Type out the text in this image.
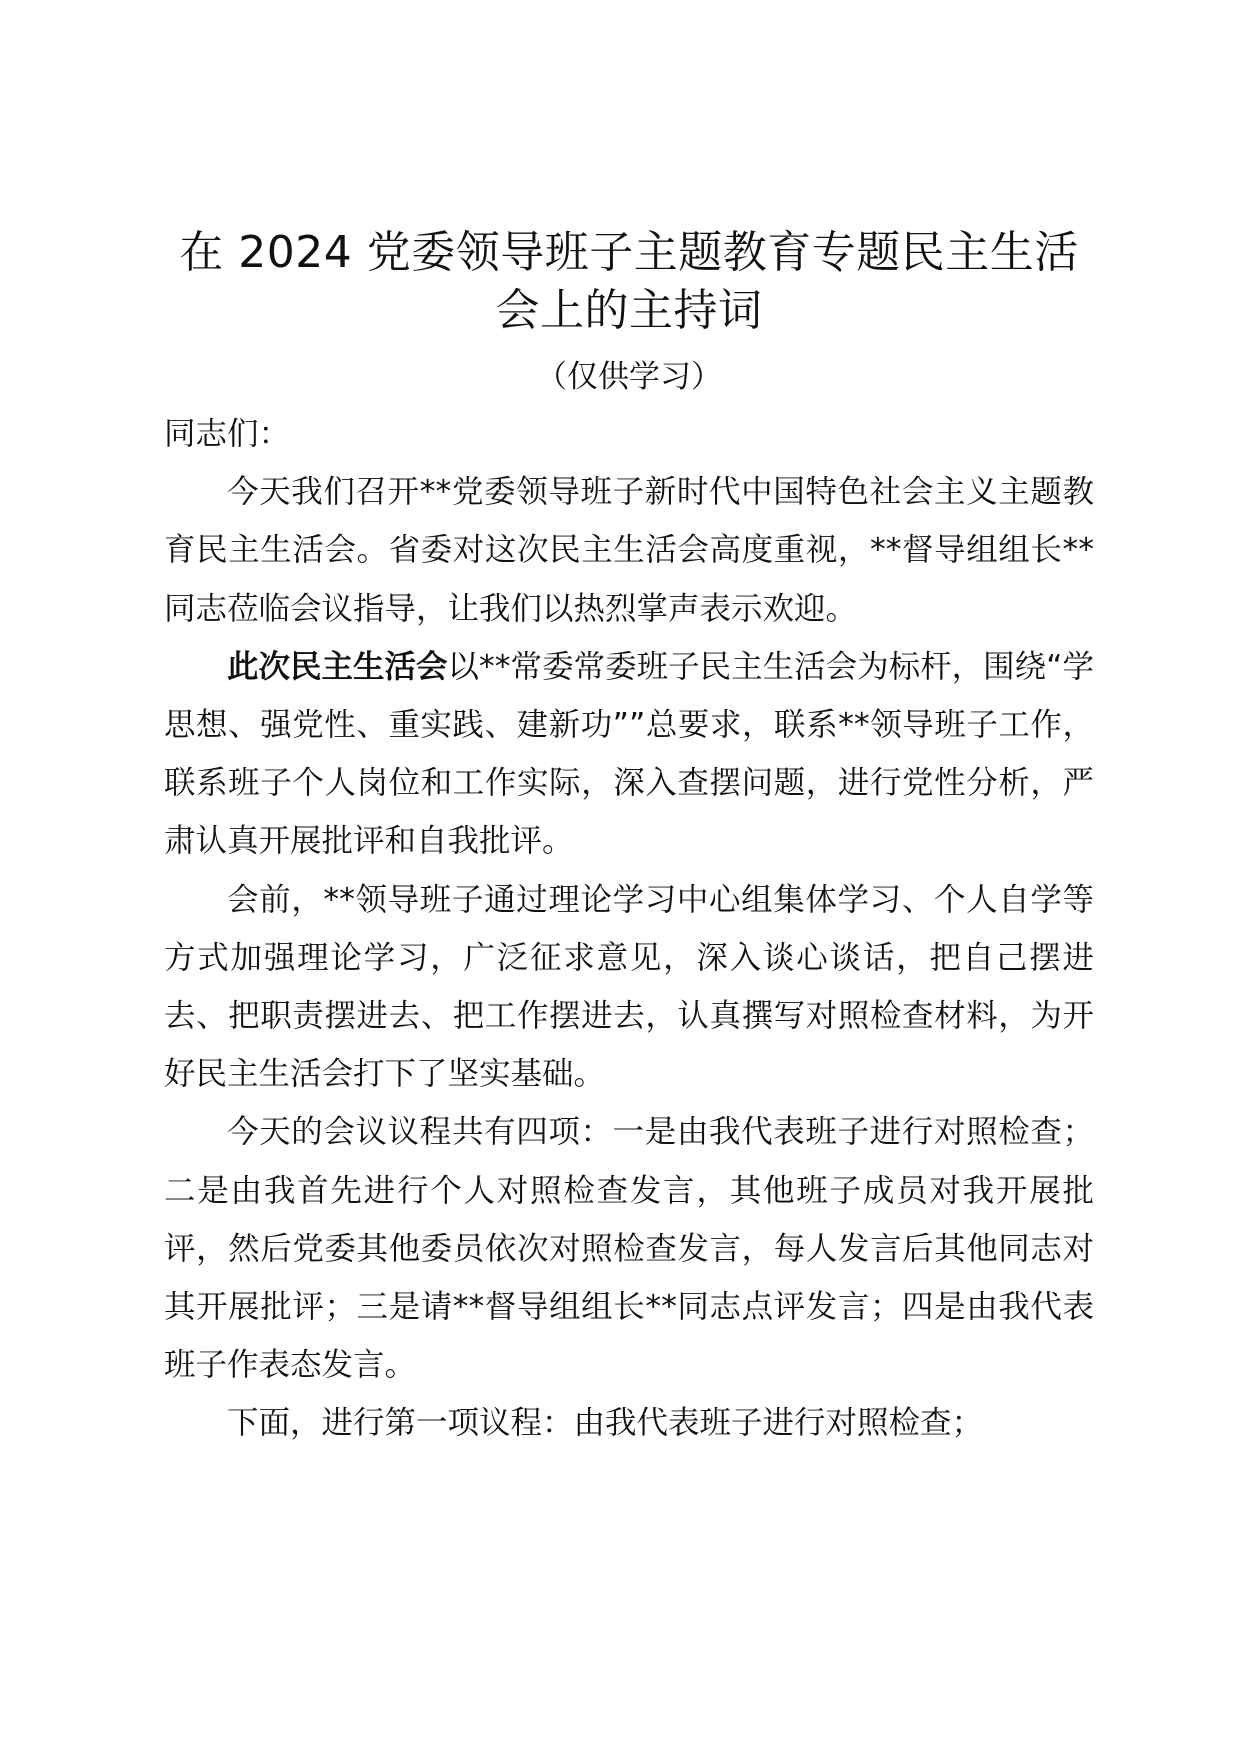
在 2024 党委领导班子主题教育专题民主生活会上的主持词
（仅供学习）

同志们：

今天我们召开**党委领导班子新时代中国特色社会主义主题教育民主生活会。省委对这次民主生活会高度重视，**督导组组长**同志莅临会议指导，让我们以热烈掌声表示欢迎。

此次民主生活会以**常委常委班子民主生活会为标杆，围绕“学思想、强党性、重实践、建新功””总要求，联系**领导班子工作，联系班子个人岗位和工作实际，深入查摆问题，进行党性分析，严肃认真开展批评和自我批评。

会前，**领导班子通过理论学习中心组集体学习、个人自学等方式加强理论学习，广泛征求意见，深入谈心谈话，把自己摆进去、把职责摆进去、把工作摆进去，认真撰写对照检查材料，为开好民主生活会打下了坚实基础。

今天的会议议程共有四项：一是由我代表班子进行对照检查；二是由我首先进行个人对照检查发言，其他班子成员对我开展批评，然后党委其他委员依次对照检查发言，每人发言后其他同志对其开展批评；三是请**督导组组长**同志点评发言；四是由我代表班子作表态发言。

下面，进行第一项议程：由我代表班子进行对照检查；
